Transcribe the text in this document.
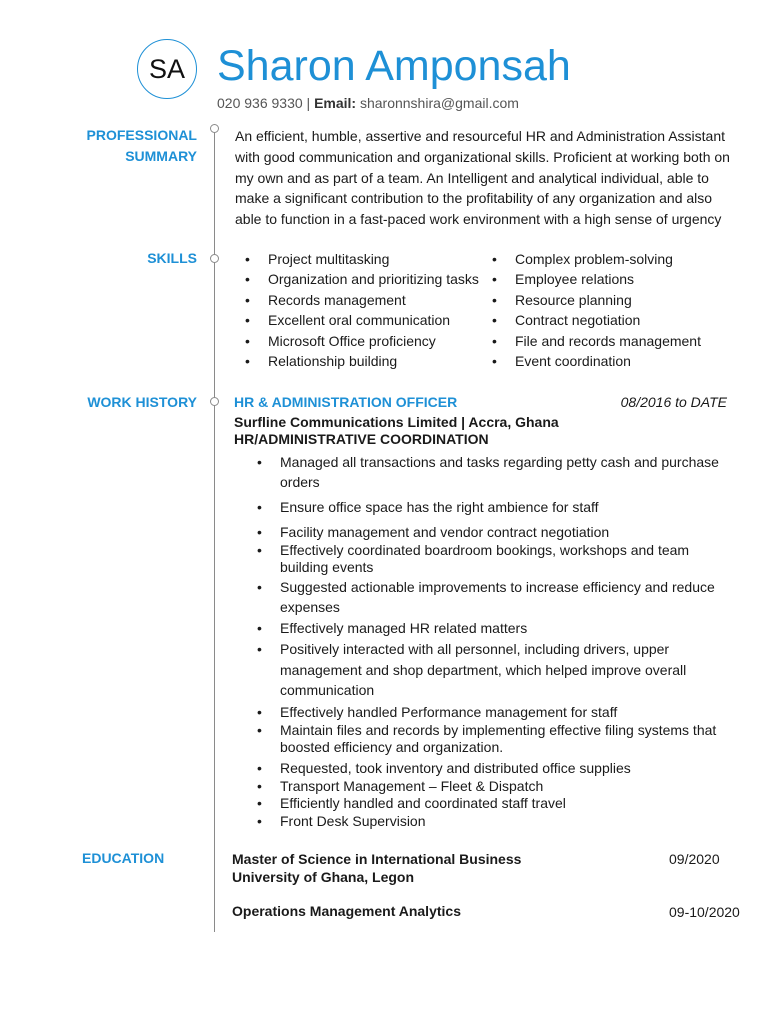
SA Sharon Amponsah
020 936 9330 | Email: sharonnshira@gmail.com
PROFESSIONAL
SUMMARY
An efficient, humble, assertive and resourceful HR and Administration Assistant with good communication and organizational skills. Proficient at working both on my own and as part of a team. An Intelligent and analytical individual, able to make a significant contribution to the profitability of any organization and also able to function in a fast-paced work environment with a high sense of urgency
SKILLS
•	Project multitasking
• Organization and prioritizing tasks
• Records management
• Excellent oral communication
• Microsoft Office proficiency
• Relationship building
• Complex problem-solving
• Employee relations
• Resource planning
• Contract negotiation
• File and records management
• Event coordination
WORK HISTORY	HR & ADMINISTRATION OFFICER	08/2016 to DATE
Surfline Communications Limited | Accra, Ghana
HR/ADMINISTRATIVE COORDINATION
• Managed all transactions and tasks regarding petty cash and purchase orders
• Ensure office space has the right ambience for staff
• Facility management and vendor contract negotiation
• Effectively coordinated boardroom bookings, workshops and team building events
• Suggested actionable improvements to increase efficiency and reduce expenses
• Effectively managed HR related matters
• Positively interacted with all personnel, including drivers, upper management and shop department, which helped improve overall communication
• Effectively handled Performance management for staff
• Maintain files and records by implementing effective filing systems that boosted efficiency and organization.
• Requested, took inventory and distributed office supplies
• Transport Management – Fleet & Dispatch
• Efficiently handled and coordinated staff travel
• Front Desk Supervision
EDUCATION	Master of Science in International Business
University of Ghana, Legon
09/2020
Operations Management Analytics	09-10/2020
